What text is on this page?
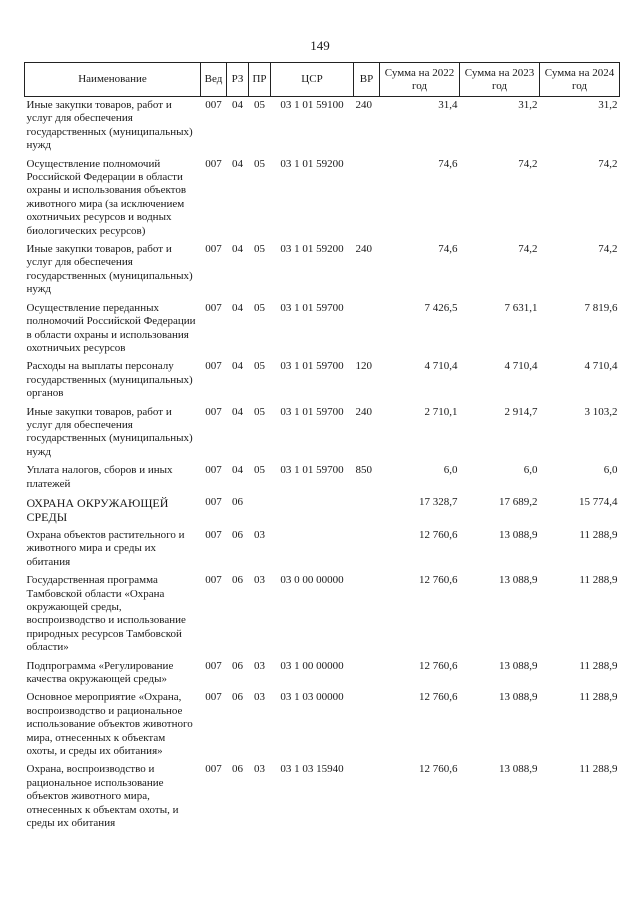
149
Наименование	Вед	РЗ	ПР	ЦСР	ВР	Сумма на 2022 год	Сумма на 2023 год	Сумма на 2024 год
Иные закупки товаров, работ и услуг для обеспечения государственных (муниципальных) нужд	007	04	05	03 1 01 59100	240	31,4	31,2	31,2
Осуществление полномочий Российской Федерации в области охраны и использования объектов животного мира (за исключением охотничьих ресурсов и водных биологических ресурсов)	007	04	05	03 1 01 59200		74,6	74,2	74,2
Иные закупки товаров, работ и услуг для обеспечения государственных (муниципальных) нужд	007	04	05	03 1 01 59200	240	74,6	74,2	74,2
Осуществление переданных полномочий Российской Федерации в области охраны и использования охотничьих ресурсов	007	04	05	03 1 01 59700		7 426,5	7 631,1	7 819,6
Расходы на выплаты персоналу государственных (муниципальных) органов	007	04	05	03 1 01 59700	120	4 710,4	4 710,4	4 710,4
Иные закупки товаров, работ и услуг для обеспечения государственных (муниципальных) нужд	007	04	05	03 1 01 59700	240	2 710,1	2 914,7	3 103,2
Уплата налогов, сборов и иных платежей	007	04	05	03 1 01 59700	850	6,0	6,0	6,0
ОХРАНА ОКРУЖАЮЩЕЙ СРЕДЫ	007	06				17 328,7	17 689,2	15 774,4
Охрана объектов растительного и животного мира и среды их обитания	007	06	03			12 760,6	13 088,9	11 288,9
Государственная программа Тамбовской области «Охрана окружающей среды, воспроизводство и использование природных ресурсов Тамбовской области»	007	06	03	03 0 00 00000		12 760,6	13 088,9	11 288,9
Подпрограмма «Регулирование качества окружающей среды»	007	06	03	03 1 00 00000		12 760,6	13 088,9	11 288,9
Основное мероприятие «Охрана, воспроизводство и рациональное использование объектов животного мира, отнесенных к объектам охоты, и среды их обитания»	007	06	03	03 1 03 00000		12 760,6	13 088,9	11 288,9
Охрана, воспроизводство и рациональное использование объектов животного мира, отнесенных к объектам охоты, и среды их обитания	007	06	03	03 1 03 15940		12 760,6	13 088,9	11 288,9
